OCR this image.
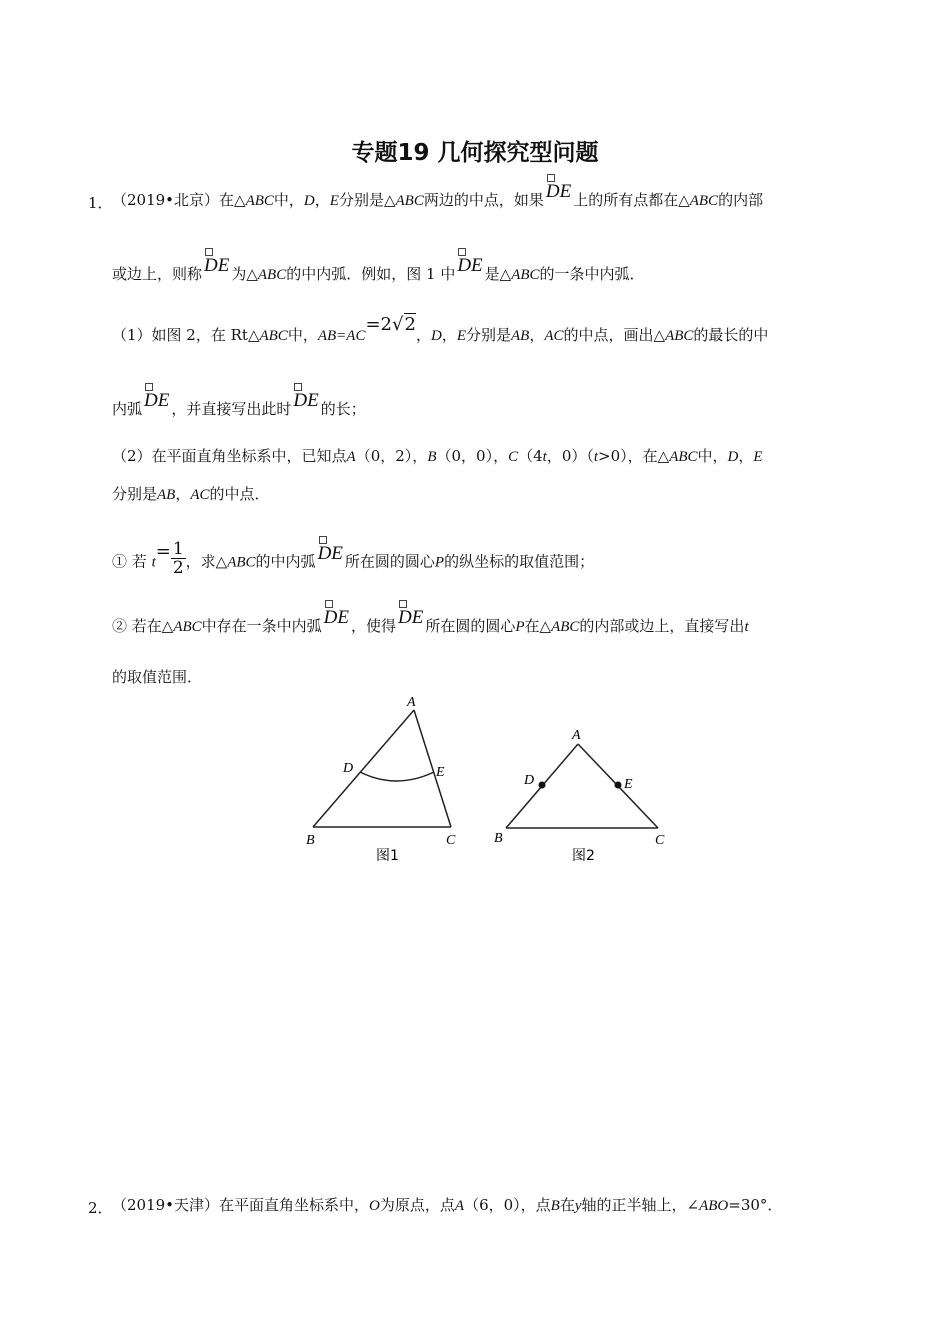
专题19 几何探究型问题
1． （2019•北京）在△ABC中，D，E分别是△ABC两边的中点，如果 DE 上的所有点都在△ABC的内部
或边上，则称 DE 为△ABC的中内弧．例如，图 1 中 DE 是△ABC的一条中内弧．
（1）如图 2，在 Rt△ABC中，AB=AC=2√2，D，E分别是AB，AC的中点，画出△ABC的最长的中
内弧 DE ，并直接写出此时 DE 的长；
（2）在平面直角坐标系中，已知点A（0，2），B（0，0），C（4t，0）（t>0），在△ABC中，D，E
分别是AB，AC的中点．
① 若 $t= \frac{1}{2}$ ，求△ABC的中内弧 DE 所在圆的圆心P的纵坐标的取值范围；
② 若在△ABC中存在一条中内弧 DE ，使得 DE 所在圆的圆心P在△ABC的内部或边上，直接写出t
的取值范围．
A
D	E
B	C
图1
A
D	E
B	C
图2
2． （2019•天津）在平面直角坐标系中，O为原点，点A（6，0），点B在y轴的正半轴上，∠ABO=30°．
